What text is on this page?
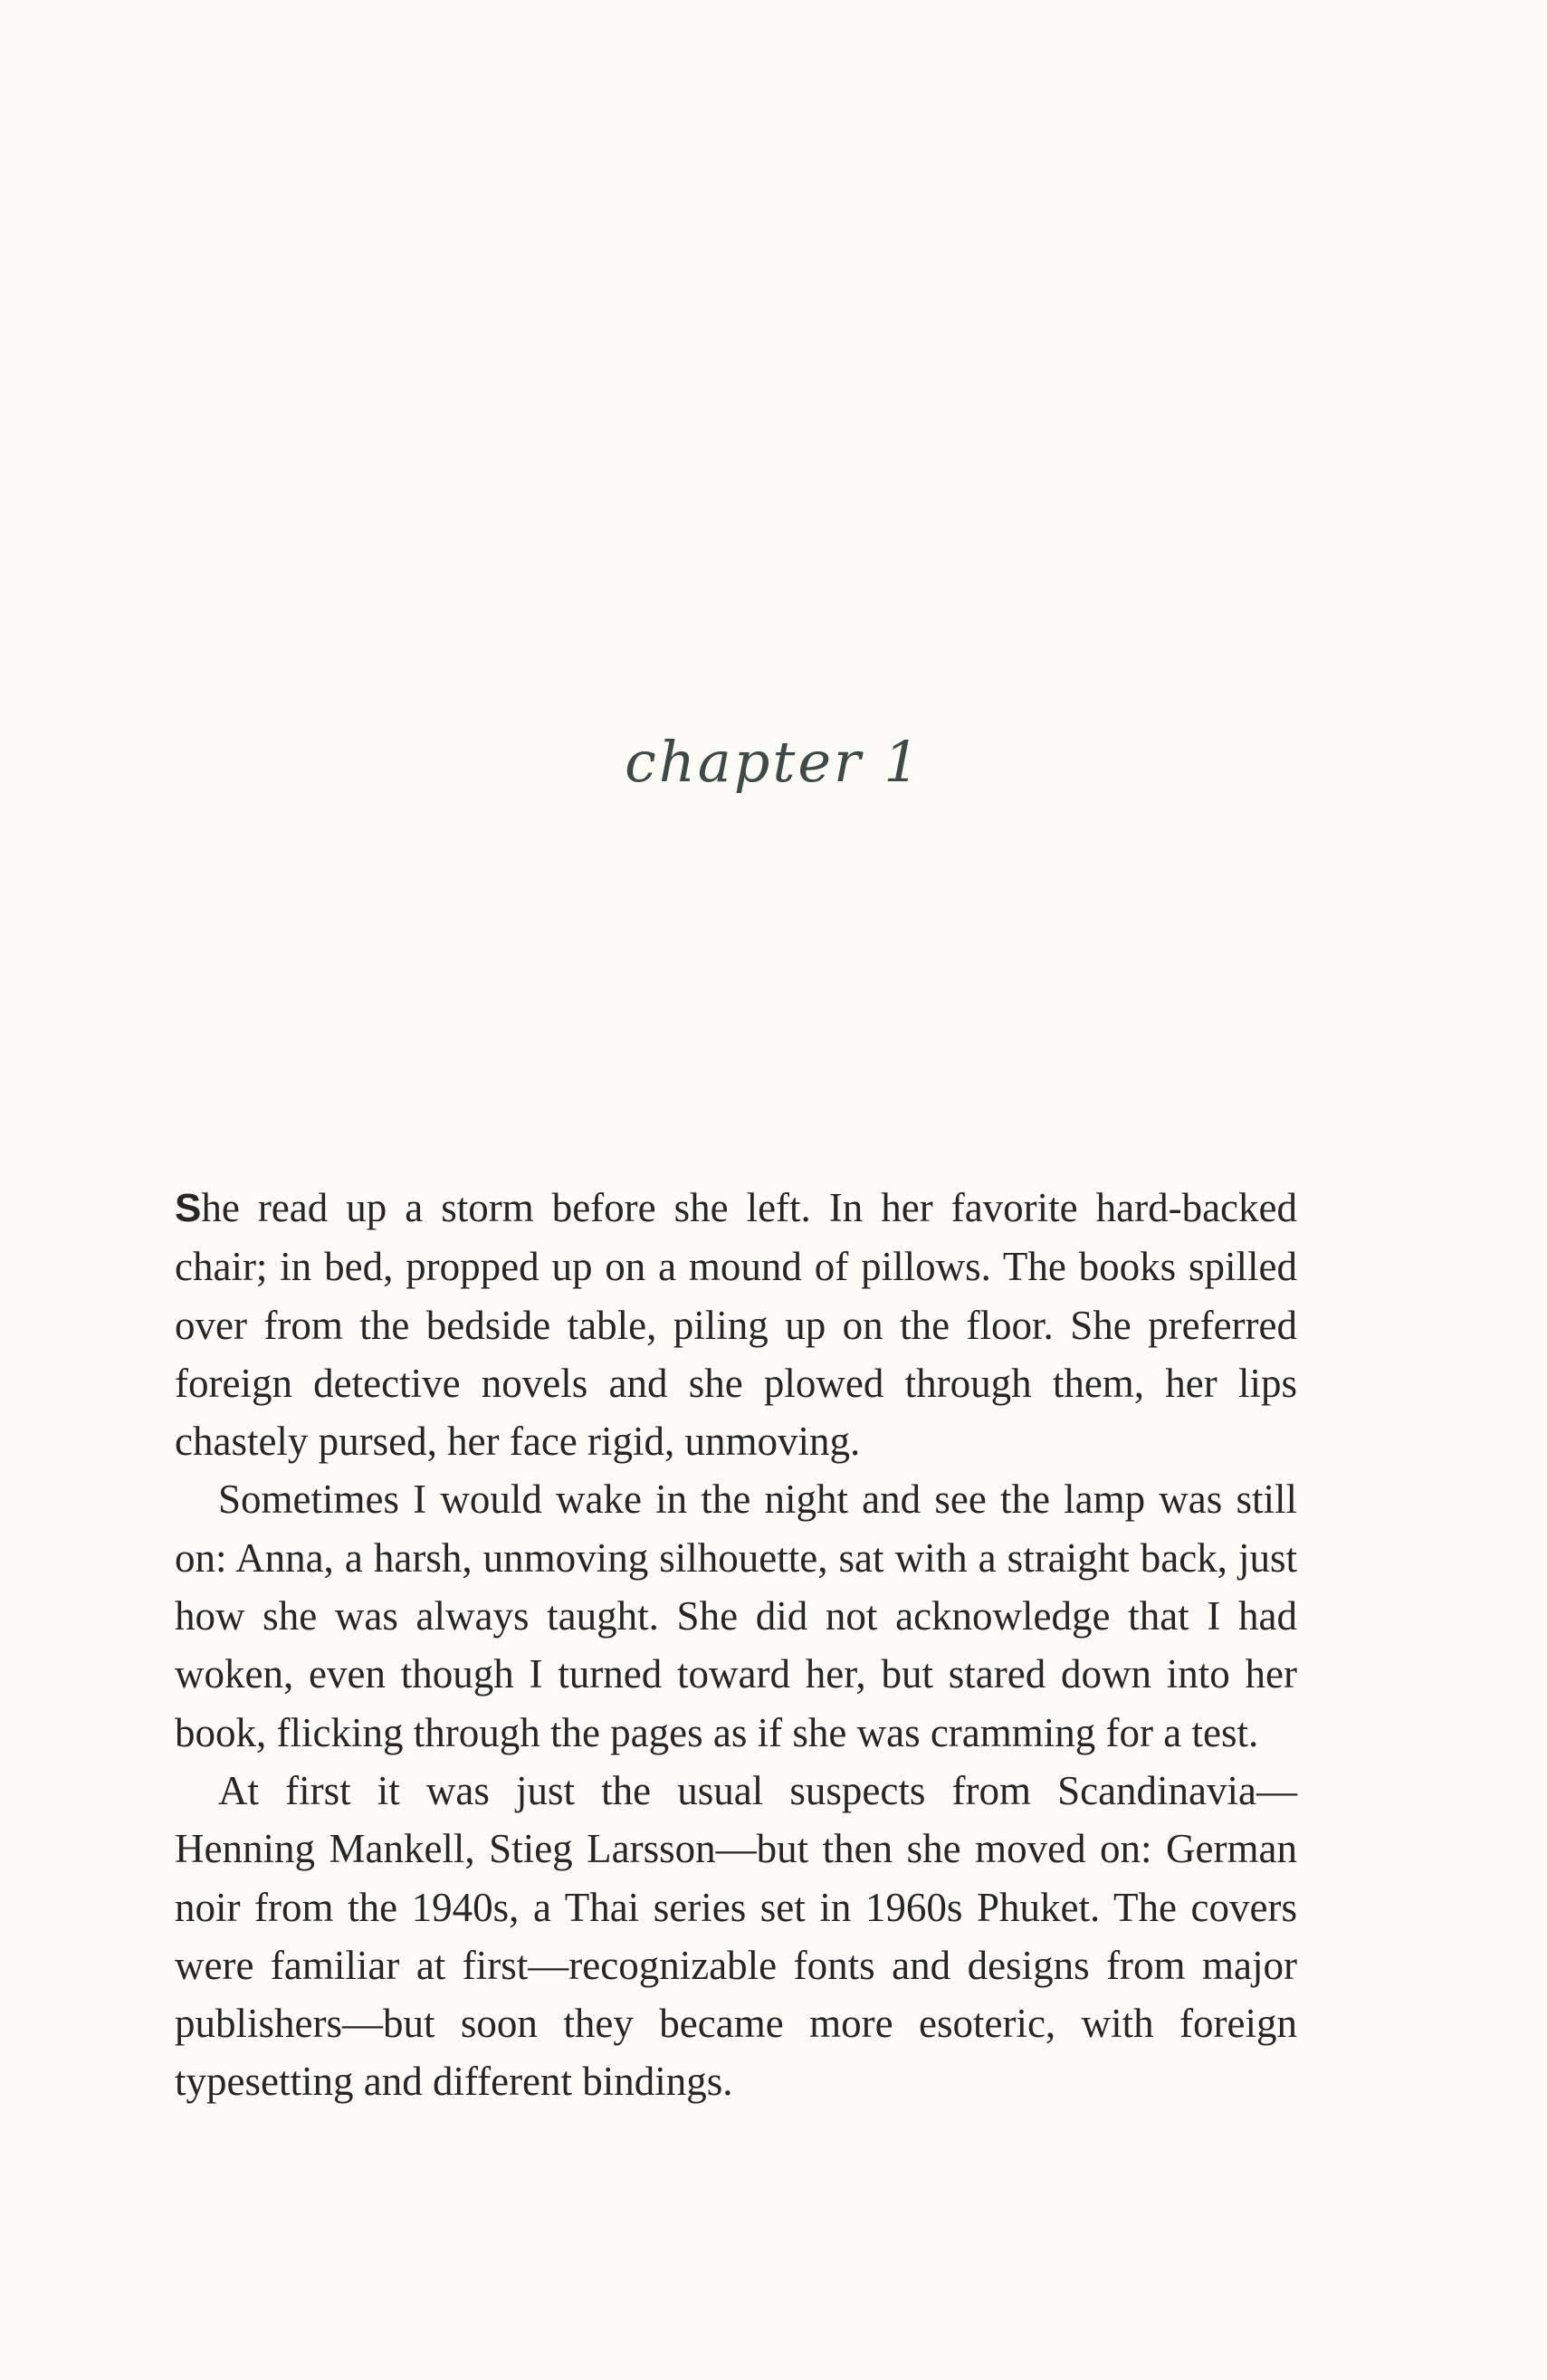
chapter 1

She read up a storm before she left. In her favorite hard-backed chair; in bed, propped up on a mound of pillows. The books spilled over from the bedside table, piling up on the floor. She preferred foreign detective novels and she plowed through them, her lips chastely pursed, her face rigid, unmoving.

Sometimes I would wake in the night and see the lamp was still on: Anna, a harsh, unmoving silhouette, sat with a straight back, just how she was always taught. She did not acknowledge that I had woken, even though I turned toward her, but stared down into her book, flicking through the pages as if she was cramming for a test.

At first it was just the usual suspects from Scandinavia— Henning Mankell, Stieg Larsson—but then she moved on: German noir from the 1940s, a Thai series set in 1960s Phuket. The covers were familiar at first—recognizable fonts and designs from major publishers—but soon they became more esoteric, with foreign typesetting and different bindings.
